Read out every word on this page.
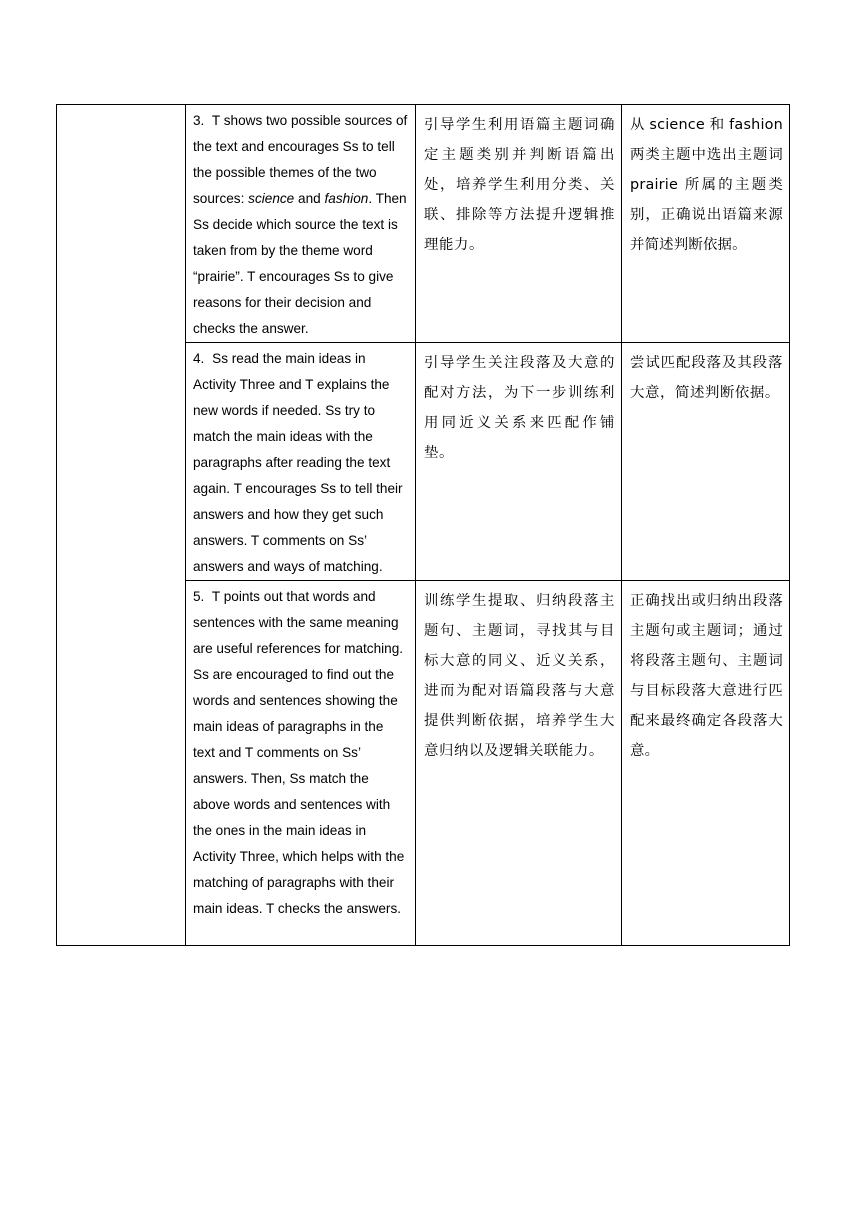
	3. T shows two possible sources of the text and encourages Ss to tell the possible themes of the two sources: science and fashion. Then Ss decide which source the text is taken from by the theme word “prairie”. T encourages Ss to give reasons for their decision and checks the answer.	引导学生利用语篇主题词确定主题类别并判断语篇出处，培养学生利用分类、关联、排除等方法提升逻辑推理能力。	从 science 和 fashion 两类主题中选出主题词 prairie 所属的主题类别，正确说出语篇来源并简述判断依据。

	4. Ss read the main ideas in Activity Three and T explains the new words if needed. Ss try to match the main ideas with the paragraphs after reading the text again. T encourages Ss to tell their answers and how they get such answers. T comments on Ss’ answers and ways of matching.	引导学生关注段落及大意的配对方法，为下一步训练利用同近义关系来匹配作铺垫。	尝试匹配段落及其段落大意，简述判断依据。

	5. T points out that words and sentences with the same meaning are useful references for matching. Ss are encouraged to find out the words and sentences showing the main ideas of paragraphs in the text and T comments on Ss’ answers. Then, Ss match the above words and sentences with the ones in the main ideas in Activity Three, which helps with the matching of paragraphs with their main ideas. T checks the answers.	训练学生提取、归纳段落主题句、主题词，寻找其与目标大意的同义、近义关系，进而为配对语篇段落与大意提供判断依据，培养学生大意归纳以及逻辑关联能力。	正确找出或归纳出段落主题句或主题词；通过将段落主题句、主题词与目标段落大意进行匹配来最终确定各段落大意。
